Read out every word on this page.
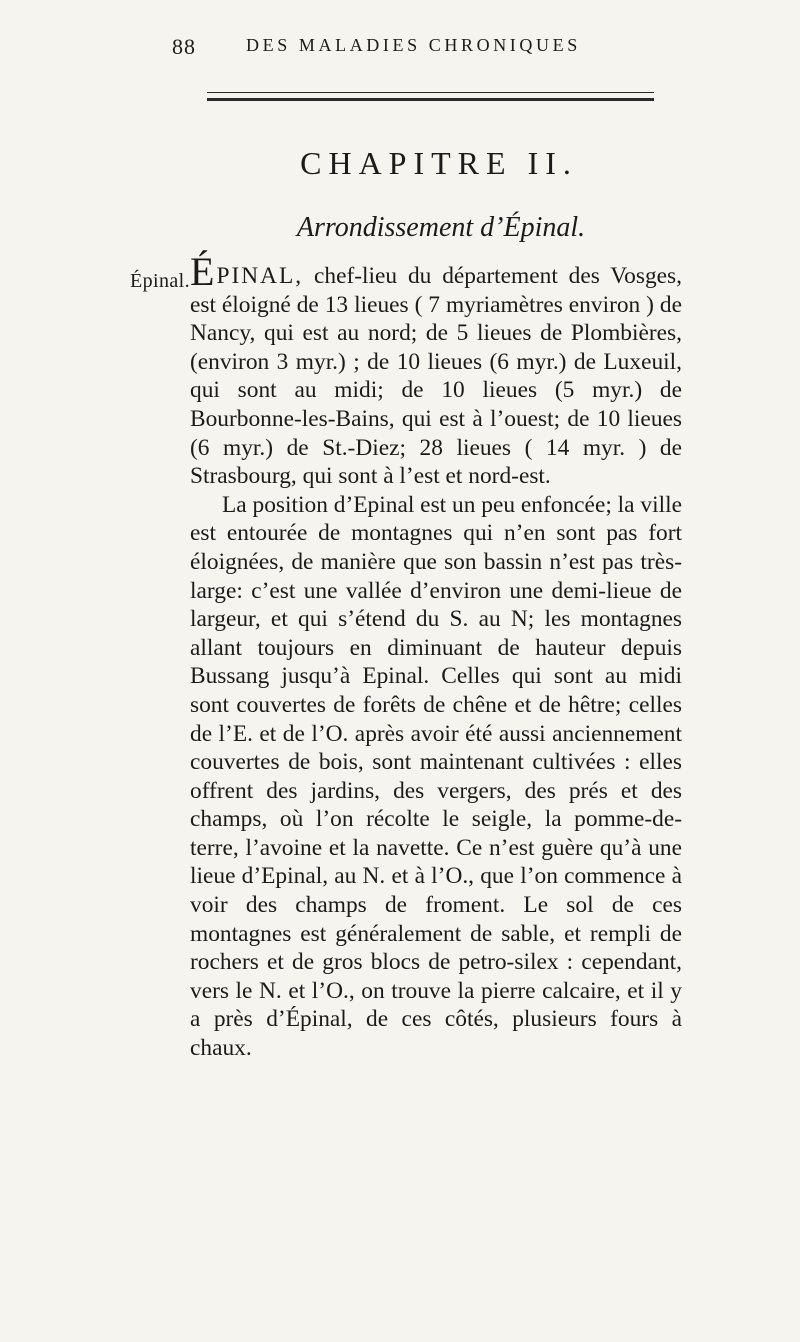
88	DES MALADIES CHRONIQUES
CHAPITRE II.
Arrondissement d’Épinal.
Épinal. ÉPINAL, chef-lieu du département des Vosges, est éloigné de 13 lieues ( 7 myriamètres environ ) de Nancy, qui est au nord; de 5 lieues de Plombières, (environ 3 myr.) ; de 10 lieues (6 myr.) de Luxeuil, qui sont au midi; de 10 lieues (5 myr.) de Bourbonne-les-Bains, qui est à l’ouest; de 10 lieues (6 myr.) de St.-Diez; 28 lieues ( 14 myr. ) de Strasbourg, qui sont à l’est et nord-est.

La position d’Epinal est un peu enfoncée; la ville est entourée de montagnes qui n’en sont pas fort éloignées, de manière que son bassin n’est pas très-large: c’est une vallée d’environ une demi-lieue de largeur, et qui s’étend du S. au N; les montagnes allant toujours en diminuant de hauteur depuis Bussang jusqu’à Epinal. Celles qui sont au midi sont couvertes de forêts de chêne et de hêtre; celles de l’E. et de l’O. après avoir été aussi anciennement couvertes de bois, sont maintenant cultivées : elles offrent des jardins, des vergers, des prés et des champs, où l’on récolte le seigle, la pomme-de-terre, l’avoine et la navette. Ce n’est guère qu’à une lieue d’Epinal, au N. et à l’O., que l’on commence à voir des champs de froment. Le sol de ces montagnes est généralement de sable, et rempli de rochers et de gros blocs de petro-silex : cependant, vers le N. et l’O., on trouve la pierre calcaire, et il y a près d’Épinal, de ces côtés, plusieurs fours à chaux.
